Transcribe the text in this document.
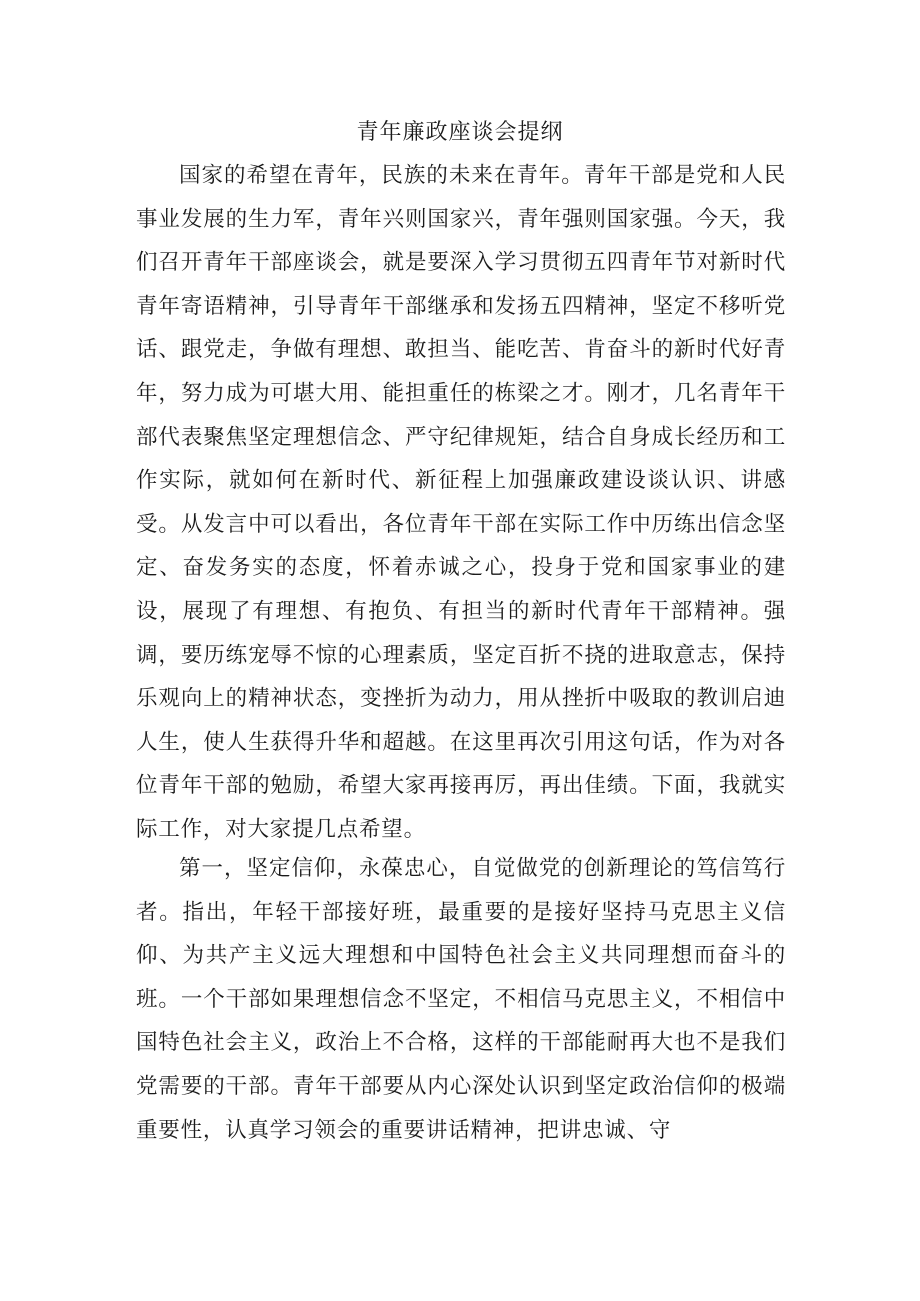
青年廉政座谈会提纲

国家的希望在青年，民族的未来在青年。青年干部是党和人民事业发展的生力军，青年兴则国家兴，青年强则国家强。今天，我们召开青年干部座谈会，就是要深入学习贯彻五四青年节对新时代青年寄语精神，引导青年干部继承和发扬五四精神，坚定不移听党话、跟党走，争做有理想、敢担当、能吃苦、肯奋斗的新时代好青年，努力成为可堪大用、能担重任的栋梁之才。刚才，几名青年干部代表聚焦坚定理想信念、严守纪律规矩，结合自身成长经历和工作实际，就如何在新时代、新征程上加强廉政建设谈认识、讲感受。从发言中可以看出，各位青年干部在实际工作中历练出信念坚定、奋发务实的态度，怀着赤诚之心，投身于党和国家事业的建设，展现了有理想、有抱负、有担当的新时代青年干部精神。强调，要历练宠辱不惊的心理素质，坚定百折不挠的进取意志，保持乐观向上的精神状态，变挫折为动力，用从挫折中吸取的教训启迪人生，使人生获得升华和超越。在这里再次引用这句话，作为对各位青年干部的勉励，希望大家再接再厉，再出佳绩。下面，我就实际工作，对大家提几点希望。

第一，坚定信仰，永葆忠心，自觉做党的创新理论的笃信笃行者。指出，年轻干部接好班，最重要的是接好坚持马克思主义信仰、为共产主义远大理想和中国特色社会主义共同理想而奋斗的班。一个干部如果理想信念不坚定，不相信马克思主义，不相信中国特色社会主义，政治上不合格，这样的干部能耐再大也不是我们党需要的干部。青年干部要从内心深处认识到坚定政治信仰的极端重要性，认真学习领会的重要讲话精神，把讲忠诚、守
